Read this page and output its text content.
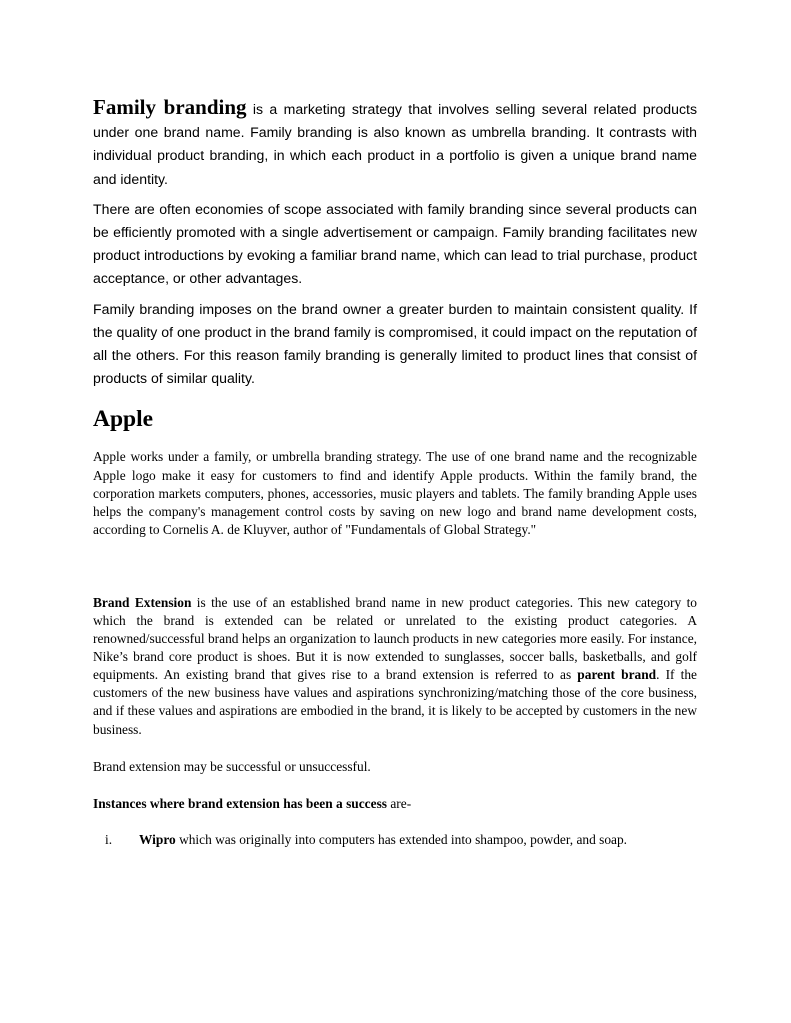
Family branding is a marketing strategy that involves selling several related products under one brand name. Family branding is also known as umbrella branding. It contrasts with individual product branding, in which each product in a portfolio is given a unique brand name and identity.

There are often economies of scope associated with family branding since several products can be efficiently promoted with a single advertisement or campaign. Family branding facilitates new product introductions by evoking a familiar brand name, which can lead to trial purchase, product acceptance, or other advantages.

Family branding imposes on the brand owner a greater burden to maintain consistent quality. If the quality of one product in the brand family is compromised, it could impact on the reputation of all the others. For this reason family branding is generally limited to product lines that consist of products of similar quality.

Apple

Apple works under a family, or umbrella branding strategy. The use of one brand name and the recognizable Apple logo make it easy for customers to find and identify Apple products. Within the family brand, the corporation markets computers, phones, accessories, music players and tablets. The family branding Apple uses helps the company's management control costs by saving on new logo and brand name development costs, according to Cornelis A. de Kluyver, author of "Fundamentals of Global Strategy."

Brand Extension is the use of an established brand name in new product categories. This new category to which the brand is extended can be related or unrelated to the existing product categories. A renowned/successful brand helps an organization to launch products in new categories more easily. For instance, Nike’s brand core product is shoes. But it is now extended to sunglasses, soccer balls, basketballs, and golf equipments. An existing brand that gives rise to a brand extension is referred to as parent brand. If the customers of the new business have values and aspirations synchronizing/matching those of the core business, and if these values and aspirations are embodied in the brand, it is likely to be accepted by customers in the new business.

Brand extension may be successful or unsuccessful.

Instances where brand extension has been a success are-

i.	Wipro which was originally into computers has extended into shampoo, powder, and soap.
